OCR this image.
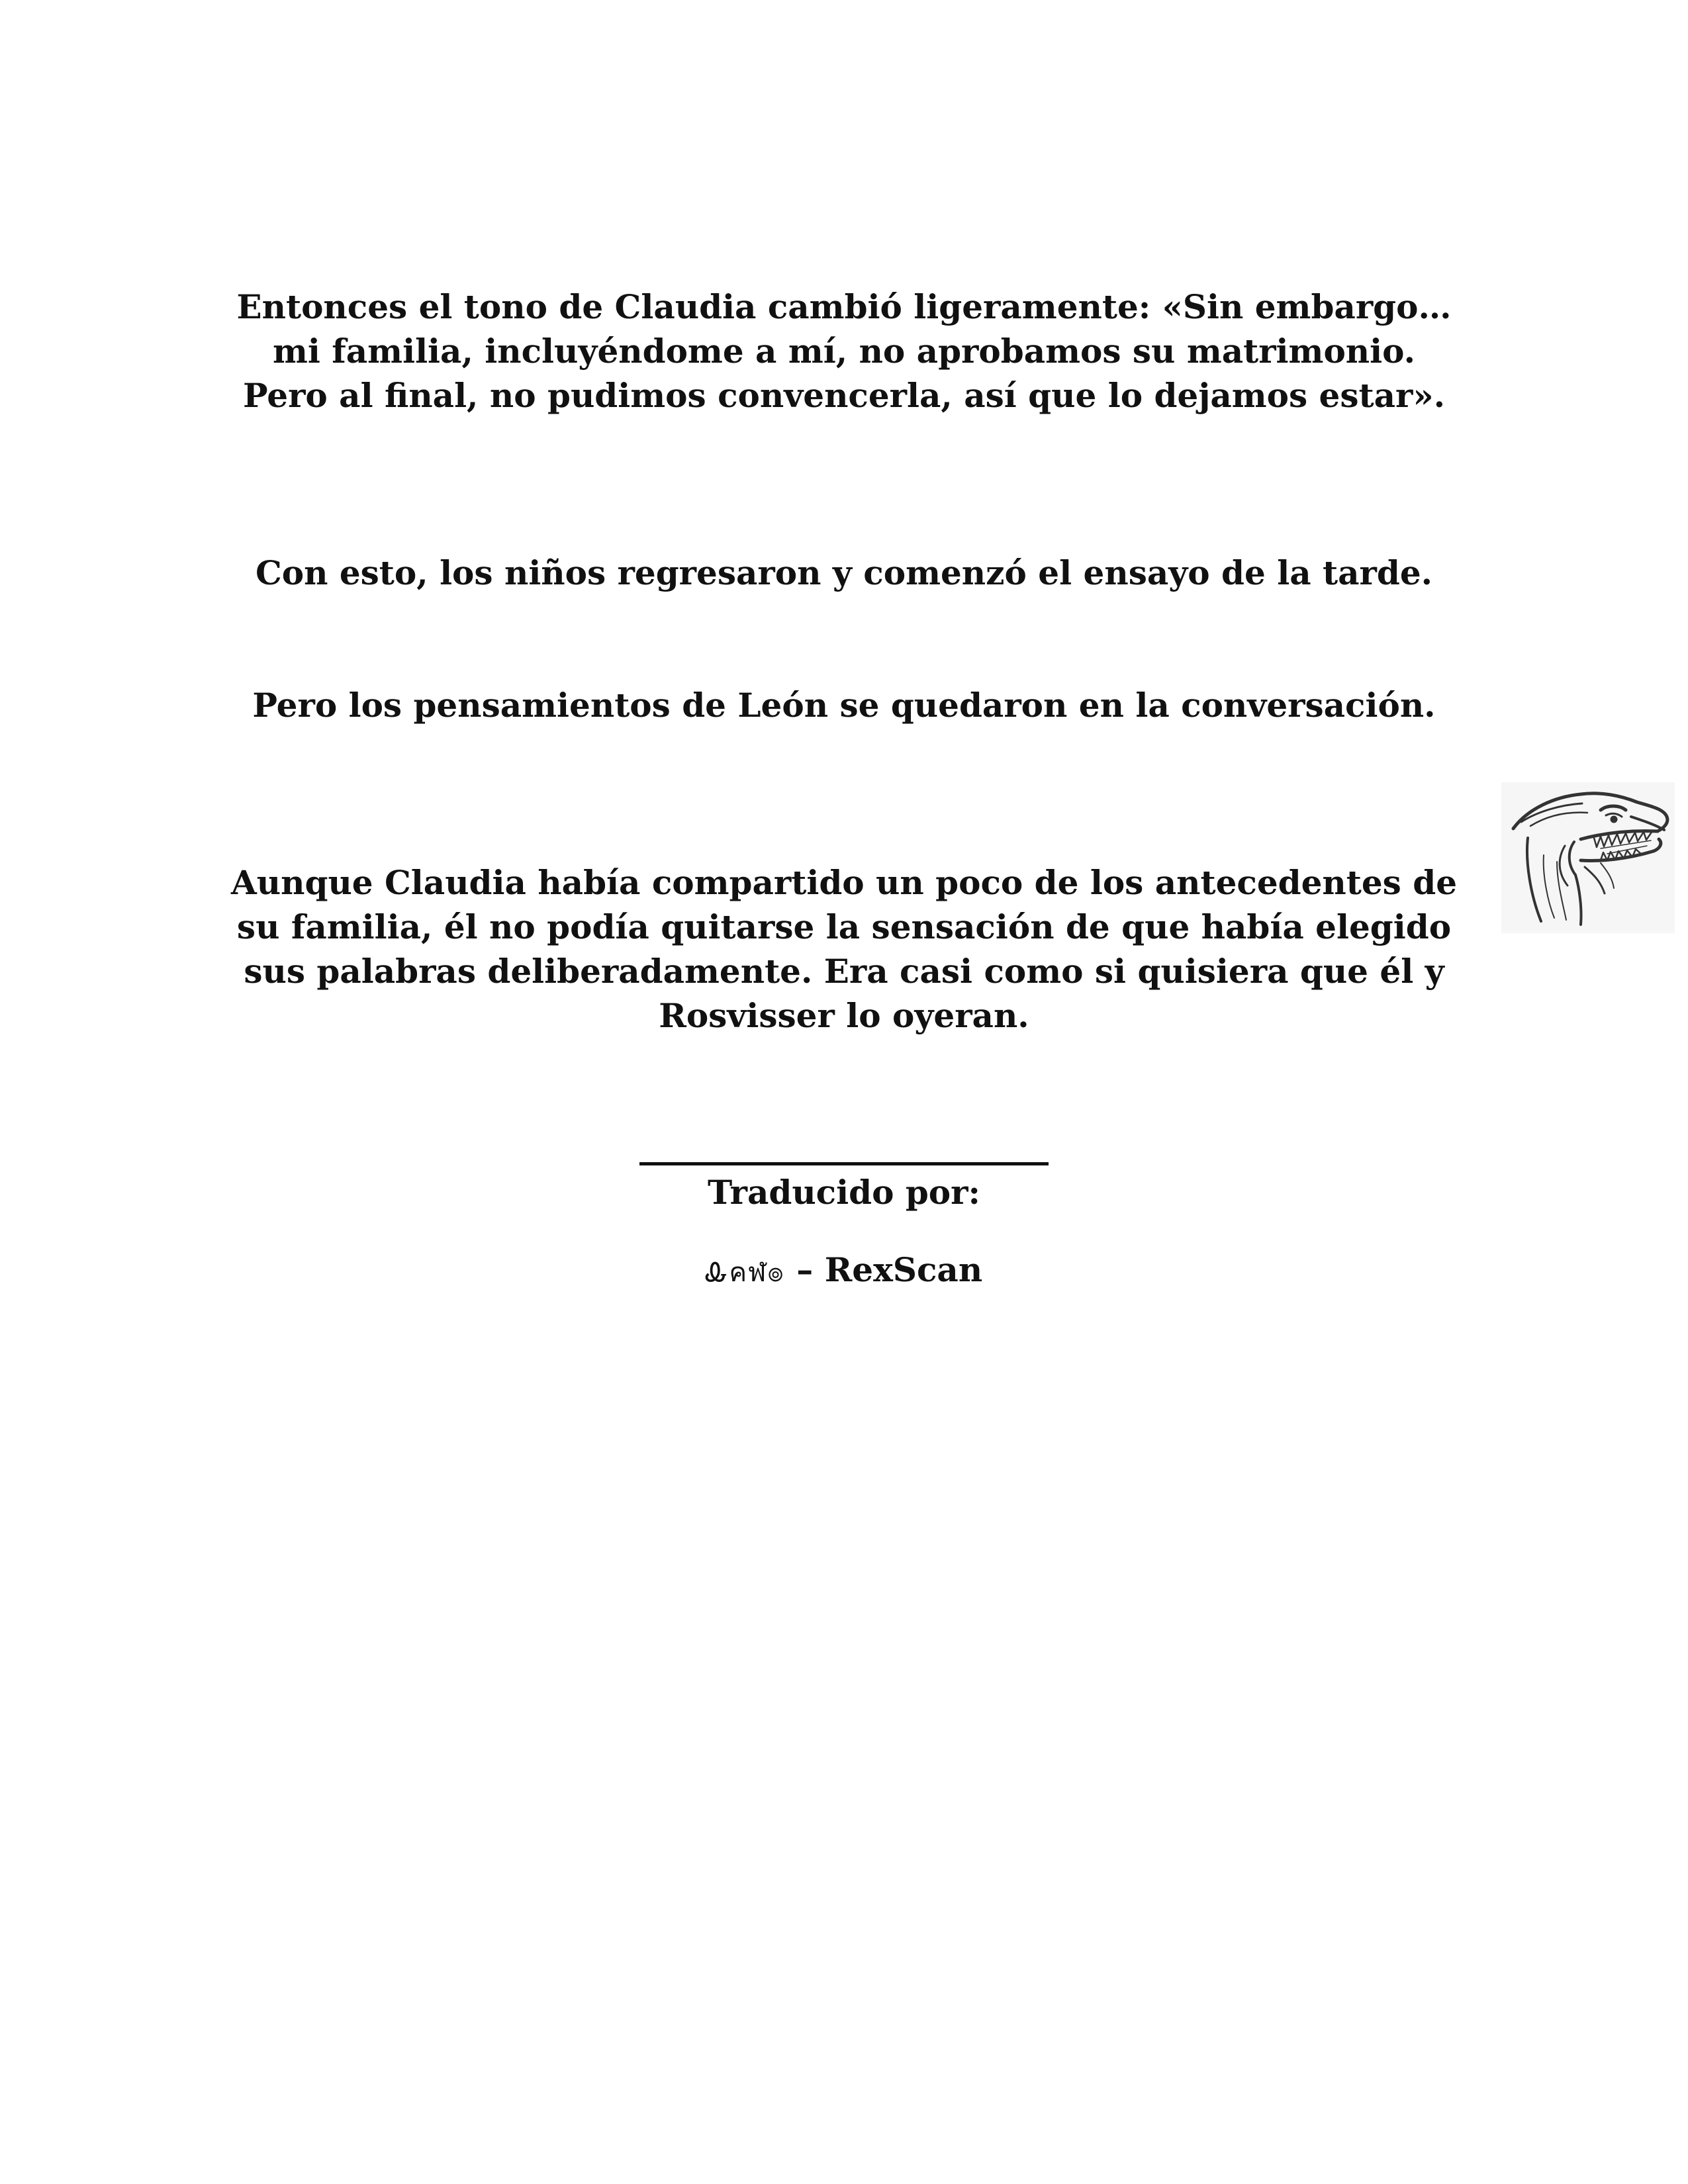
Entonces el tono de Claudia cambió ligeramente: «Sin embargo… mi familia, incluyéndome a mí, no aprobamos su matrimonio. Pero al final, no pudimos convencerla, así que lo dejamos estar».

Con esto, los niños regresaron y comenzó el ensayo de la tarde.

Pero los pensamientos de León se quedaron en la conversación.

Aunque Claudia había compartido un poco de los antecedentes de su familia, él no podía quitarse la sensación de que había elegido sus palabras deliberadamente. Era casi como si quisiera que él y Rosvisser lo oyeran.

Traducido por:

Ꮂคฬ๏ – RexScan
